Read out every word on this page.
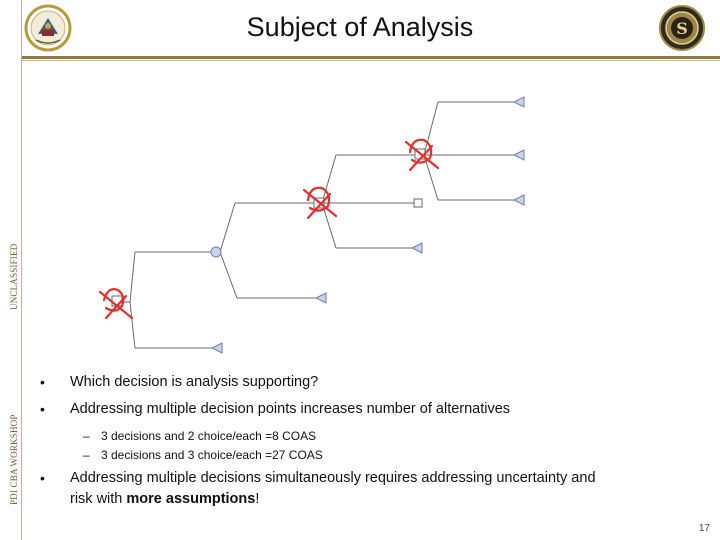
UNCLASSIFIED
PDI CBA WORKSHOP
Subject of Analysis	S
• Which decision is analysis supporting?
• Addressing multiple decision points increases number of alternatives
– 3 decisions and 2 choice/each =8 COAS
– 3 decisions and 3 choice/each =27 COAS
• Addressing multiple decisions simultaneously requires addressing uncertainty and
risk with more assumptions!
17
